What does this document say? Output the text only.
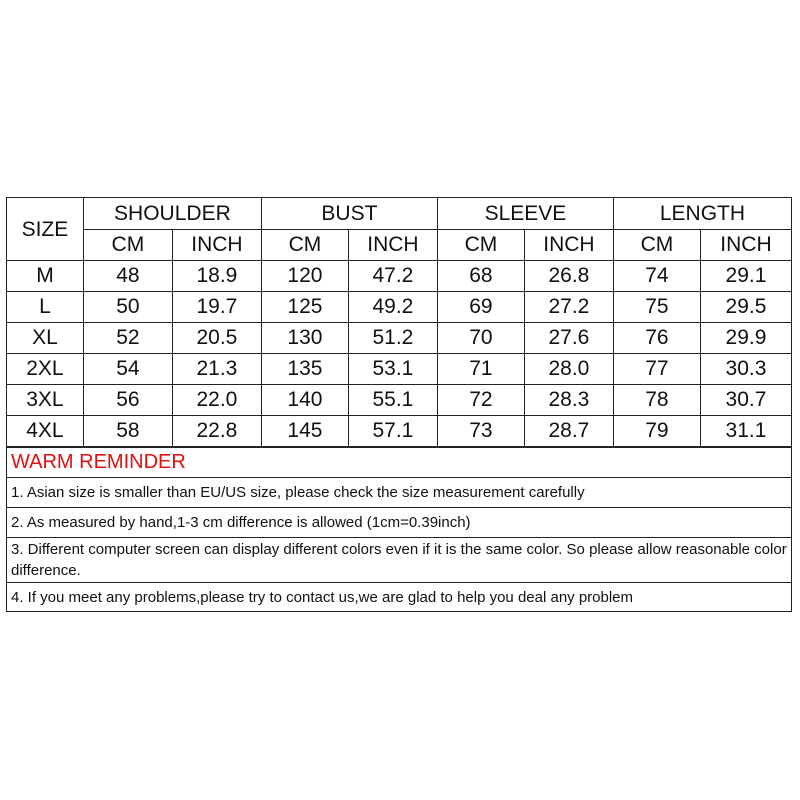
SIZE	SHOULDER		BUST		SLEEVE		LENGTH	
	CM	INCH	CM	INCH	CM	INCH	CM	INCH
M	48	18.9	120	47.2	68	26.8	74	29.1
L	50	19.7	125	49.2	69	27.2	75	29.5
XL	52	20.5	130	51.2	70	27.6	76	29.9
2XL	54	21.3	135	53.1	71	28.0	77	30.3
3XL	56	22.0	140	55.1	72	28.3	78	30.7
4XL	58	22.8	145	57.1	73	28.7	79	31.1
WARM REMINDER
1. Asian size is smaller than EU/US size, please check the size measurement carefully
2. As measured by hand,1-3 cm difference is allowed (1cm=0.39inch)
3. Different computer screen can display different colors even if it is the same color. So please allow reasonable color difference.
4. If you meet any problems,please try to contact us,we are glad to help you deal any problem
